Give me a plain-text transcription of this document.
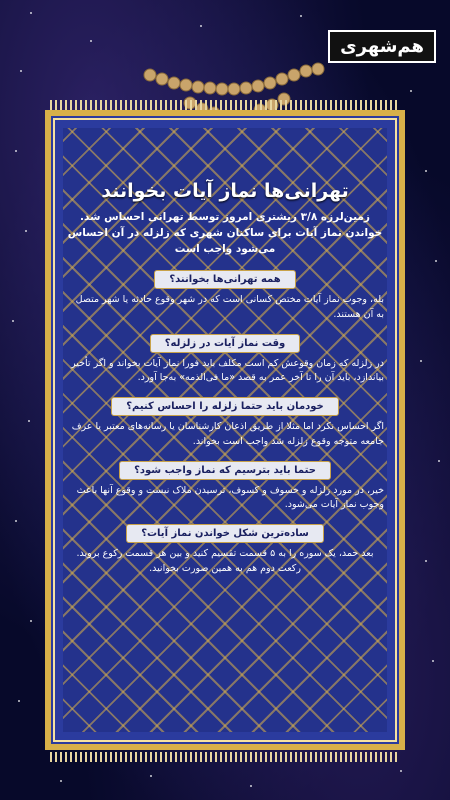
هم‌شهری
تهرانی‌ها نماز آیات بخوانند
زمین‌لرزه ۳/۸ ریشتری امروز توسط تهرانی احساس شد. خواندن نماز آیات برای ساکنان شهری که زلزله در آن احساس می‌شود واجب است
همه تهرانی‌ها بخوانند؟
بله، وجوب نماز آیات مختص کسانی است که در شهر وقوع حادثه یا شهر متصل به آن هستند.
وقت نماز آیات در زلزله؟
در زلزله که زمان وقوعش کم است مکلف باید فورا نماز آیات بخواند و اگر تأخیر بیاندازد، باید آن را تا آخر عمر به قصد «ما فی‌الذمه» به‌جا آورد.
خودمان باید حتما زلزله را احساس کنیم؟
اگر احساس نکرد اما مثلا از طریق اذعان کارشناسان یا رسانه‌های معتبر یا عرف جامعه متوجه وقوع زلزله شد واجب است بخواند.
حتما باید بترسیم که نماز واجب شود؟
خیر، در مورد زلزله و خسوف و کسوف، ترسیدن ملاک نیست و وقوع آنها باعث وجوب نماز آیات می‌شود.
ساده‌ترین شکل خواندن نماز آیات؟
بعد حمد، یک سوره را به ۵ قسمت تقسیم کنید و بین هر قسمت رکوع بروید. رکعت دوم هم به همین صورت بخوانید.
